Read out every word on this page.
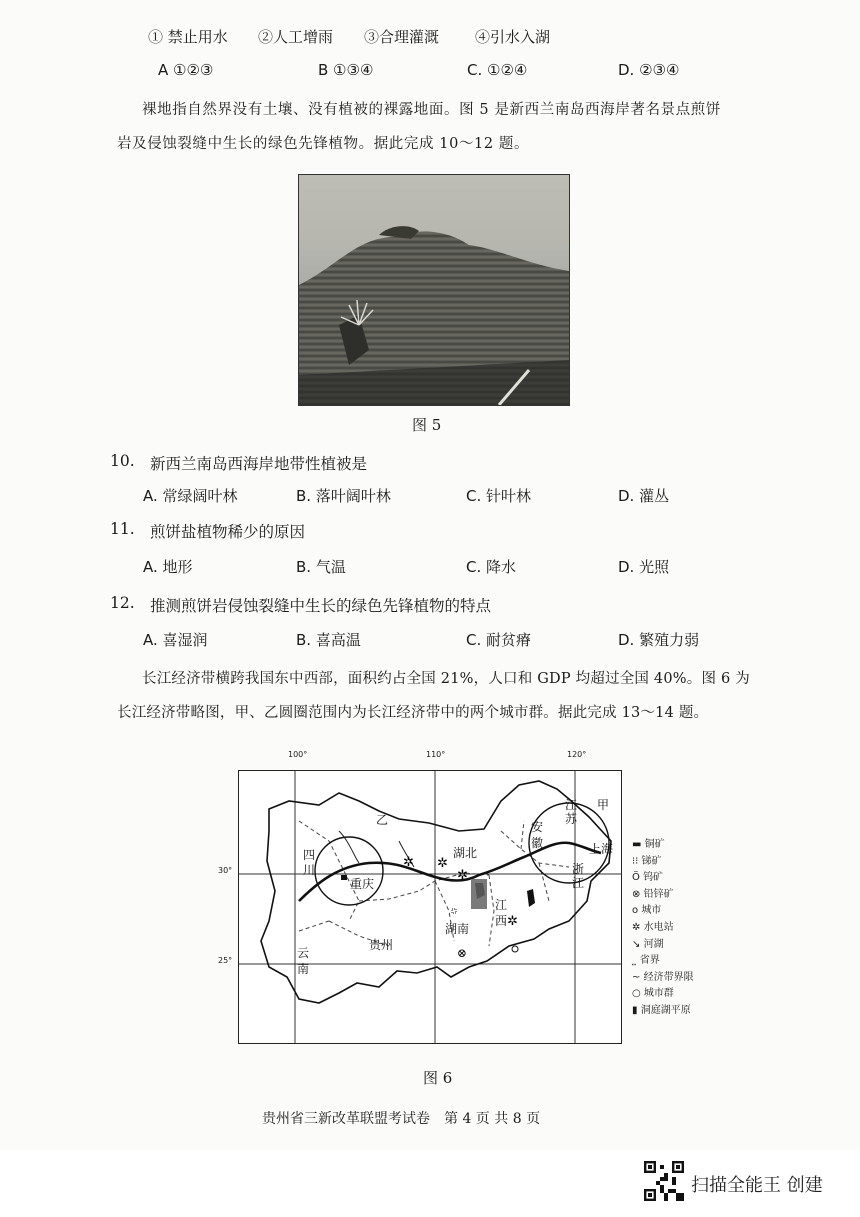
① 禁止用水 ②人工增雨 ③合理灌溉 ④引水入湖
A ①②③	B ①③④	C. ①②④	D. ②③④
裸地指自然界没有土壤、没有植被的裸露地面。图 5 是新西兰南岛西海岸著名景点煎饼
岩及侵蚀裂缝中生长的绿色先锋植物。据此完成 10～12 题。
图 5
10. 新西兰南岛西海岸地带性植被是
A. 常绿阔叶林	B. 落叶阔叶林	C. 针叶林	D. 灌丛
11. 煎饼盐植物稀少的原因
A. 地形	B. 气温	C. 降水	D. 光照
12. 推测煎饼岩侵蚀裂缝中生长的绿色先锋植物的特点
A. 喜湿润	B. 喜高温	C. 耐贫瘠	D. 繁殖力弱
长江经济带横跨我国东中西部，面积约占全国 21%，人口和 GDP 均超过全国 40%。图 6 为
长江经济带略图，甲、乙圆圈范围内为长江经济带中的两个城市群。据此完成 13～14 题。
100°	110°	120°
30°
25°
✲
✲
✲
✲
⊗
乙
甲
四
川
重庆
贵州
云
南
湖北
湖南
江
西
安
徽
江
苏
浙
江
上海 ▬ 铜矿
⁝⁝ 锑矿
Ö 钨矿
⊗ 铅锌矿
o 城市
✲ 水电站
↘ 河湖
⸼⸼ 省界
~ 经济带界限
○ 城市群
▮ 洞庭湖平原
图 6
贵州省三新改革联盟考试卷　第 4 页 共 8 页
扫描全能王 创建
